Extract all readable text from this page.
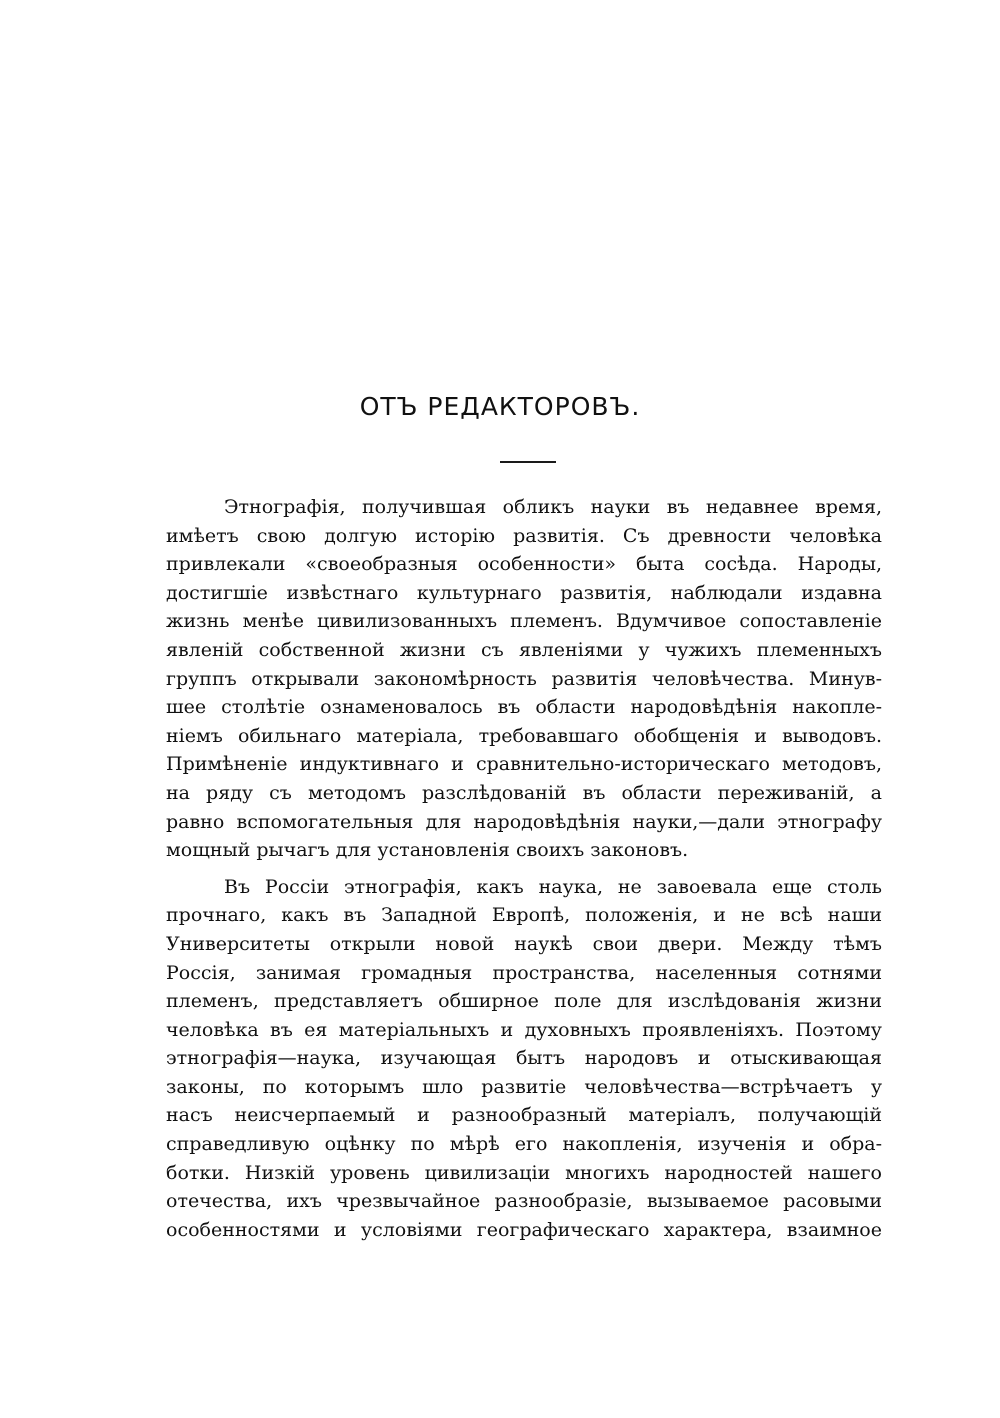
ОТЪ РЕДАКТОРОВЪ.
Этнографія, получившая обликъ науки въ недавнее время,
имѣетъ свою долгую исторію развитія. Съ древности человѣка
привлекали «своеобразныя особенности» быта сосѣда. Народы,
достигшіе извѣстнаго культурнаго развитія, наблюдали издавна
жизнь менѣе цивилизованныхъ племенъ. Вдумчивое сопоставленіе
явленій собственной жизни съ явленіями у чужихъ племенныхъ
группъ открывали закономѣрность развитія человѣчества. Минув-
шее столѣтіе ознаменовалось въ области народовѣдѣнія накопле-
ніемъ обильнаго матеріала, требовавшаго обобщенія и выводовъ.
Примѣненіе индуктивнаго и сравнительно-историческаго методовъ,
на ряду съ методомъ разслѣдованій въ области переживаній, а
равно вспомогательныя для народовѣдѣнія науки,—дали этнографу
мощный рычагъ для установленія своихъ законовъ.
Въ Россіи этнографія, какъ наука, не завоевала еще столь
прочнаго, какъ въ Западной Европѣ, положенія, и не всѣ наши
Университеты открыли новой наукѣ свои двери. Между тѣмъ
Россія, занимая громадныя пространства, населенныя сотнями
племенъ, представляетъ обширное поле для изслѣдованія жизни
человѣка въ ея матеріальныхъ и духовныхъ проявленіяхъ. Поэтому
этнографія—наука, изучающая бытъ народовъ и отыскивающая
законы, по которымъ шло развитіе человѣчества—встрѣчаетъ у
насъ неисчерпаемый и разнообразный матеріалъ, получающій
справедливую оцѣнку по мѣрѣ его накопленія, изученія и обра-
ботки. Низкій уровень цивилизаціи многихъ народностей нашего
отечества, ихъ чрезвычайное разнообразіе, вызываемое расовыми
особенностями и условіями географическаго характера, взаимное
